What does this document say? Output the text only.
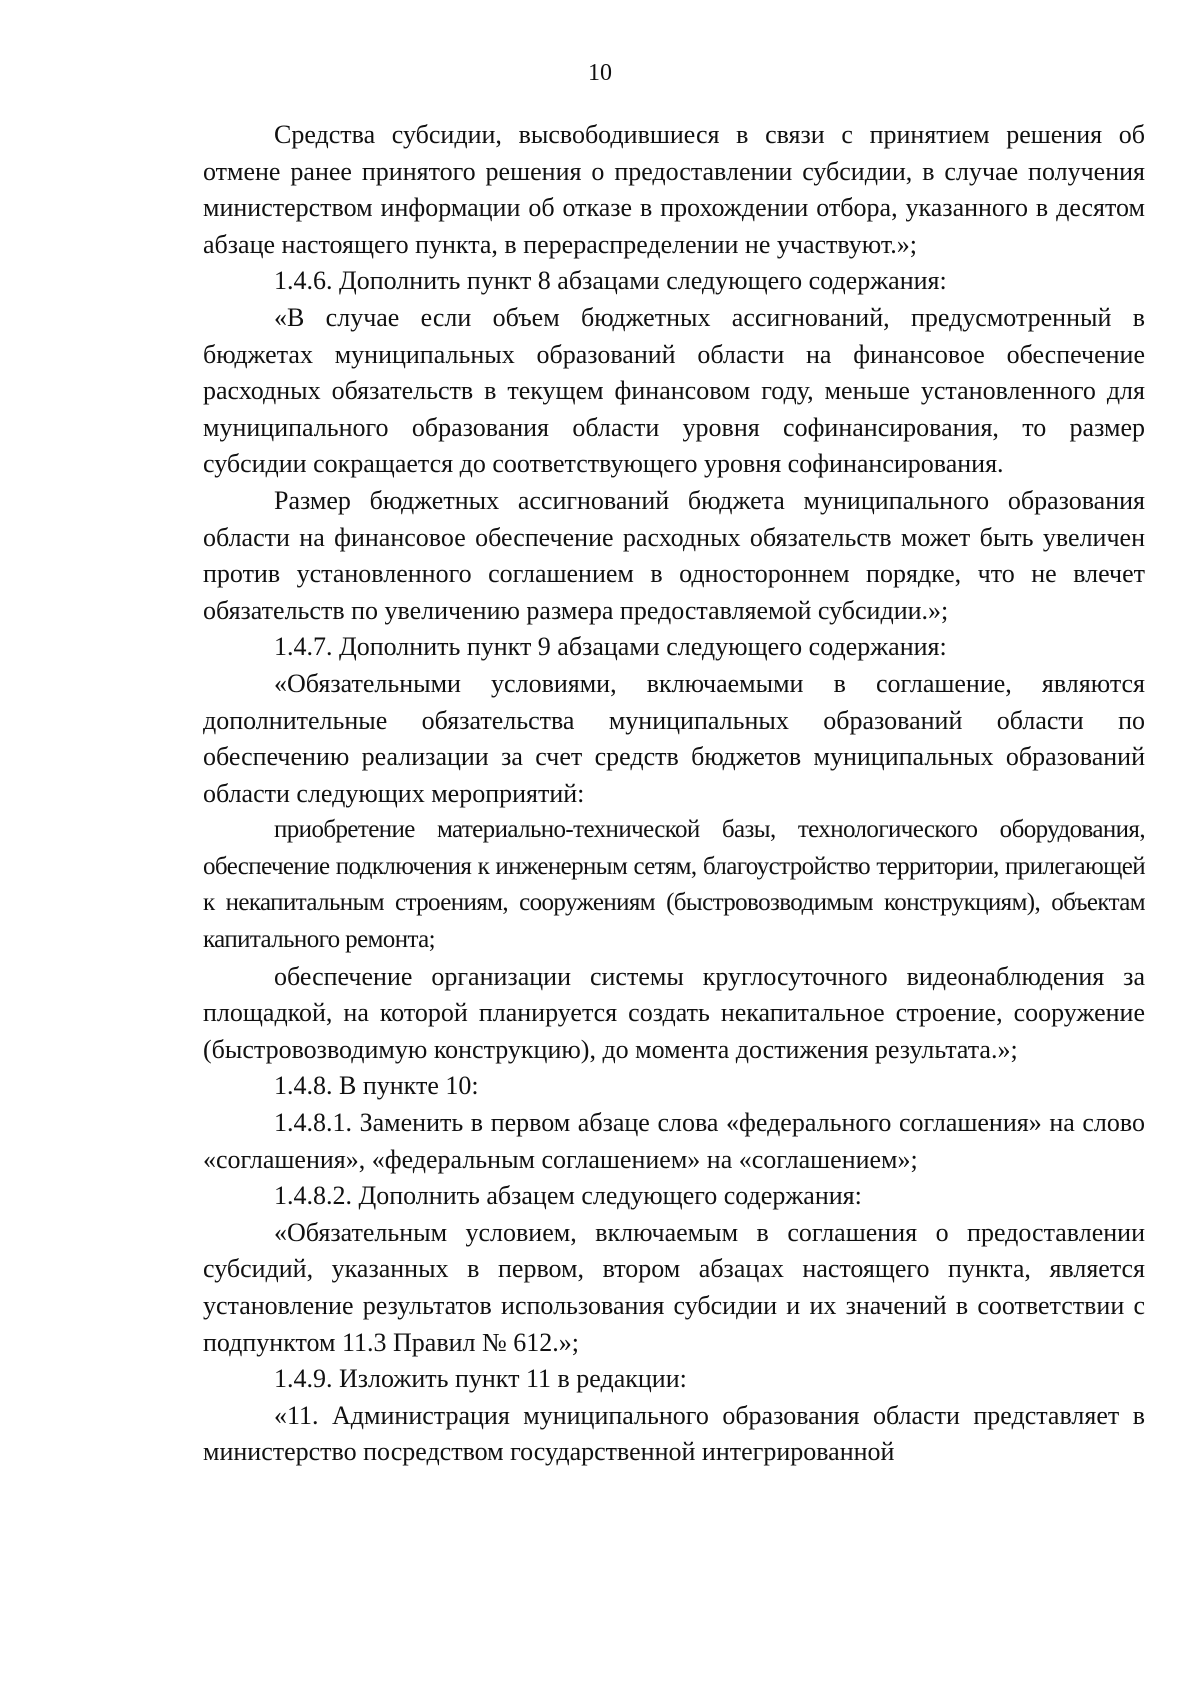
10

Средства субсидии, высвободившиеся в связи с принятием решения об отмене ранее принятого решения о предоставлении субсидии, в случае получения министерством информации об отказе в прохождении отбора, указанного в десятом абзаце настоящего пункта, в перераспределении не участвуют.»;

1.4.6. Дополнить пункт 8 абзацами следующего содержания:

«В случае если объем бюджетных ассигнований, предусмотренный в бюджетах муниципальных образований области на финансовое обеспечение расходных обязательств в текущем финансовом году, меньше установленного для муниципального образования области уровня софинансирования, то размер субсидии сокращается до соответствующего уровня софинансирования.

Размер бюджетных ассигнований бюджета муниципального образования области на финансовое обеспечение расходных обязательств может быть увеличен против установленного соглашением в одностороннем порядке, что не влечет обязательств по увеличению размера предоставляемой субсидии.»;

1.4.7. Дополнить пункт 9 абзацами следующего содержания:

«Обязательными условиями, включаемыми в соглашение, являются дополнительные обязательства муниципальных образований области по обеспечению реализации за счет средств бюджетов муниципальных образований области следующих мероприятий:

приобретение материально-технической базы, технологического оборудования, обеспечение подключения к инженерным сетям, благоустройство территории, прилегающей к некапитальным строениям, сооружениям (быстровозводимым конструкциям), объектам капитального ремонта;

обеспечение организации системы круглосуточного видеонаблюдения за площадкой, на которой планируется создать некапитальное строение, сооружение (быстровозводимую конструкцию), до момента достижения результата.»;

1.4.8. В пункте 10:

1.4.8.1. Заменить в первом абзаце слова «федерального соглашения» на слово «соглашения», «федеральным соглашением» на «соглашением»;

1.4.8.2. Дополнить абзацем следующего содержания:

«Обязательным условием, включаемым в соглашения о предоставлении субсидий, указанных в первом, втором абзацах настоящего пункта, является установление результатов использования субсидии и их значений в соответствии с подпунктом 11.3 Правил № 612.»;

1.4.9. Изложить пункт 11 в редакции:

«11. Администрация муниципального образования области представляет в министерство посредством государственной интегрированной
